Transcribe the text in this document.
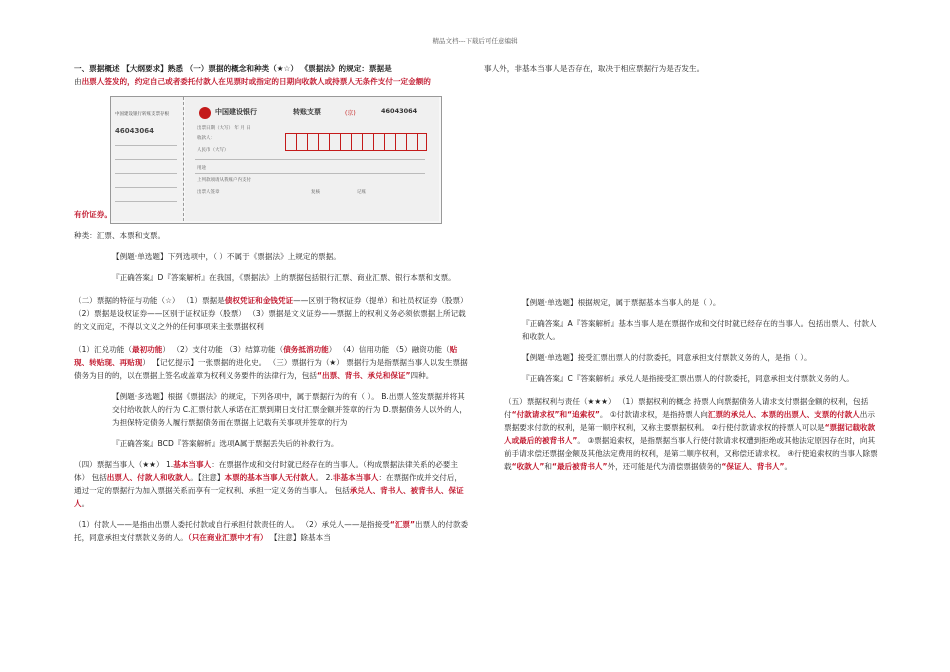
精品文档---下载后可任意编辑

一、票据概述 【大纲要求】熟悉 （一）票据的概念和种类（★☆） 《票据法》的规定：票据是

由出票人签发的，约定自己或者委托付款人在见票时或指定的日期向收款人或持票人无条件支付一定金额的

中国建设银行转账支票存根
46043064
中国建设银行	转账支票	(京)	46043064
出票日期（大写） 年 月 日
收款人：
人民币（大写）
用途
上列款项请从我账户内支付
出票人签章	复核	记账

有价证券。

种类：汇票、本票和支票。

【例题·单选题】下列选项中，（ ）不属于《票据法》上规定的票据。

『正确答案』D『答案解析』在我国，《票据法》上的票据包括银行汇票、商业汇票、银行本票和支票。

（二）票据的特征与功能（☆） （1）票据是债权凭证和金钱凭证——区别于物权证券（提单）和社员权证券（股票） （2）票据是设权证券——区别于证权证券（股票） （3）票据是文义证券——票据上的权利义务必须依票据上所记载的文义而定，不得以文义之外的任何事项来主张票据权利

（1）汇兑功能（最初功能） （2）支付功能 （3）结算功能（债务抵消功能） （4）信用功能 （5）融资功能（贴现、转贴现、再贴现） 【记忆提示】一张票据的进化史。 （三）票据行为（★） 票据行为是指票据当事人以发生票据债务为目的的，以在票据上签名或盖章为权利义务要件的法律行为，包括“出票、背书、承兑和保证”四种。

【例题·多选题】根据《票据法》的规定，下列各项中，属于票据行为的有（ ）。 B.出票人签发票据并将其交付给收款人的行为 C.汇票付款人承诺在汇票到期日支付汇票金额并签章的行为 D.票据债务人以外的人，为担保特定债务人履行票据债务而在票据上记载有关事项并签章的行为

『正确答案』BCD『答案解析』选项A属于票据丢失后的补救行为。

（四）票据当事人（★★） 1.基本当事人：在票据作成和交付时就已经存在的当事人。（构成票据法律关系的必要主体） 包括出票人、付款人和收款人。【注意】本票的基本当事人无付款人。 2.非基本当事人：在票据作成并交付后，通过一定的票据行为加入票据关系而享有一定权利、承担一定义务的当事人。 包括承兑人、背书人、被背书人、保证人。

（1）付款人——是指由出票人委托付款或自行承担付款责任的人。 （2）承兑人——是指接受“汇票”出票人的付款委托，同意承担支付票款义务的人。（只在商业汇票中才有） 【注意】除基本当

事人外，非基本当事人是否存在，取决于相应票据行为是否发生。

【例题·单选题】根据规定，属于票据基本当事人的是（ ）。

『正确答案』A『答案解析』基本当事人是在票据作成和交付时就已经存在的当事人。包括出票人、付款人和收款人。

【例题·单选题】接受汇票出票人的付款委托，同意承担支付票款义务的人，是指（ ）。

『正确答案』C『答案解析』承兑人是指接受汇票出票人的付款委托，同意承担支付票款义务的人。

（五）票据权利与责任（★★★） （1）票据权利的概念 持票人向票据债务人请求支付票据金额的权利，包括付“付款请求权”和“追索权”。 ①付款请求权，是指持票人向汇票的承兑人、本票的出票人、支票的付款人出示票据要求付款的权利，是第一顺序权利，又称主要票据权利。 ②行使付款请求权的持票人可以是“票据记载收款人或最后的被背书人”。 ③票据追索权，是指票据当事人行使付款请求权遭到拒绝或其他法定原因存在时，向其前手请求偿还票据金额及其他法定费用的权利，是第二顺序权利，又称偿还请求权。 ④行使追索权的当事人除票载“收款人”和“最后被背书人”外，还可能是代为清偿票据债务的“保证人、背书人”。
